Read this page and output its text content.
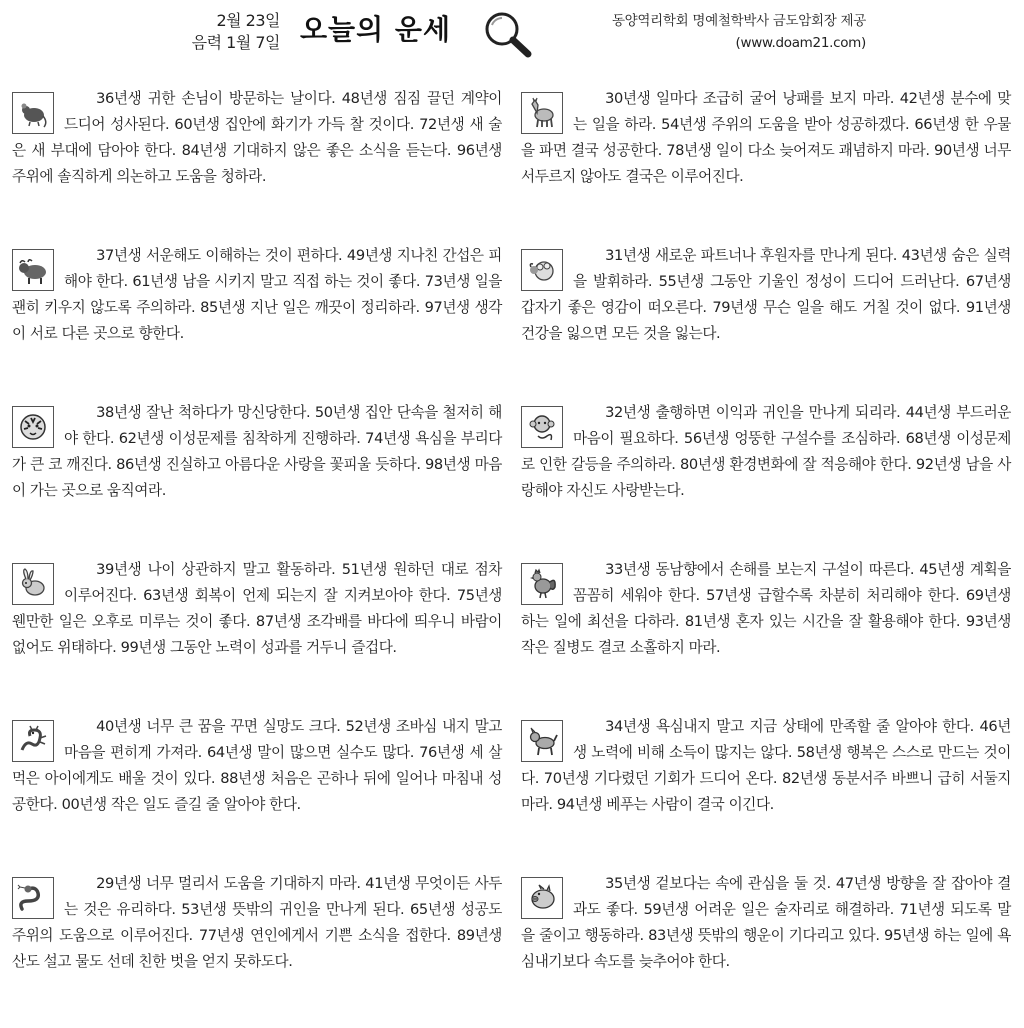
2월 23일
음력 1월 7일 오늘의 운세	동양역리학회 명예철학박사 금도암회장 제공
(www.doam21.com)

36년생 귀한 손님이 방문하는 날이다. 48년생 짐짐 끌던 계약이 드디어 성사된다. 60년생 집안에 화기가 가득 찰 것이다. 72년생 새 술은 새 부대에 담아야 한다. 84년생 기대하지 않은 좋은 소식을 듣는다. 96년생 주위에 솔직하게 의논하고 도움을 청하라.

37년생 서운해도 이해하는 것이 편하다. 49년생 지나친 간섭은 피해야 한다. 61년생 남을 시키지 말고 직접 하는 것이 좋다. 73년생 일을 괜히 키우지 않도록 주의하라. 85년생 지난 일은 깨끗이 정리하라. 97년생 생각이 서로 다른 곳으로 향한다.

38년생 잘난 척하다가 망신당한다. 50년생 집안 단속을 철저히 해야 한다. 62년생 이성문제를 침착하게 진행하라. 74년생 욕심을 부리다가 큰 코 깨진다. 86년생 진실하고 아름다운 사랑을 꽃피울 듯하다. 98년생 마음이 가는 곳으로 움직여라.

39년생 나이 상관하지 말고 활동하라. 51년생 원하던 대로 점차 이루어진다. 63년생 회복이 언제 되는지 잘 지켜보아야 한다. 75년생 웬만한 일은 오후로 미루는 것이 좋다. 87년생 조각배를 바다에 띄우니 바람이 없어도 위태하다. 99년생 그동안 노력이 성과를 거두니 즐겁다.

40년생 너무 큰 꿈을 꾸면 실망도 크다. 52년생 조바심 내지 말고 마음을 편히게 가져라. 64년생 말이 많으면 실수도 많다. 76년생 세 살 먹은 아이에게도 배울 것이 있다. 88년생 처음은 곤하나 뒤에 일어나 마침내 성공한다. 00년생 작은 일도 즐길 줄 알아야 한다.

29년생 너무 멀리서 도움을 기대하지 마라. 41년생 무엇이든 사두는 것은 유리하다. 53년생 뜻밖의 귀인을 만나게 된다. 65년생 성공도 주위의 도움으로 이루어진다. 77년생 연인에게서 기쁜 소식을 접한다. 89년생 산도 설고 물도 선데 친한 벗을 얻지 못하도다.

30년생 일마다 조급히 굴어 낭패를 보지 마라. 42년생 분수에 맞는 일을 하라. 54년생 주위의 도움을 받아 성공하겠다. 66년생 한 우물을 파면 결국 성공한다. 78년생 일이 다소 늦어져도 괘념하지 마라. 90년생 너무 서두르지 않아도 결국은 이루어진다.

31년생 새로운 파트너나 후원자를 만나게 된다. 43년생 숨은 실력을 발휘하라. 55년생 그동안 기울인 정성이 드디어 드러난다. 67년생 갑자기 좋은 영감이 떠오른다. 79년생 무슨 일을 해도 거칠 것이 없다. 91년생 건강을 잃으면 모든 것을 잃는다.

32년생 출행하면 이익과 귀인을 만나게 되리라. 44년생 부드러운 마음이 필요하다. 56년생 엉뚱한 구설수를 조심하라. 68년생 이성문제로 인한 갈등을 주의하라. 80년생 환경변화에 잘 적응해야 한다. 92년생 남을 사랑해야 자신도 사랑받는다.

33년생 동남향에서 손해를 보는지 구설이 따른다. 45년생 계획을 꼼꼼히 세워야 한다. 57년생 급할수록 차분히 처리해야 한다. 69년생 하는 일에 최선을 다하라. 81년생 혼자 있는 시간을 잘 활용해야 한다. 93년생 작은 질병도 결코 소홀하지 마라.

34년생 욕심내지 말고 지금 상태에 만족할 줄 알아야 한다. 46년생 노력에 비해 소득이 많지는 않다. 58년생 행복은 스스로 만드는 것이다. 70년생 기다렸던 기회가 드디어 온다. 82년생 동분서주 바쁘니 급히 서둘지 마라. 94년생 베푸는 사람이 결국 이긴다.

35년생 겉보다는 속에 관심을 둘 것. 47년생 방향을 잘 잡아야 결과도 좋다. 59년생 어려운 일은 술자리로 해결하라. 71년생 되도록 말을 줄이고 행동하라. 83년생 뜻밖의 행운이 기다리고 있다. 95년생 하는 일에 욕심내기보다 속도를 늦추어야 한다.
